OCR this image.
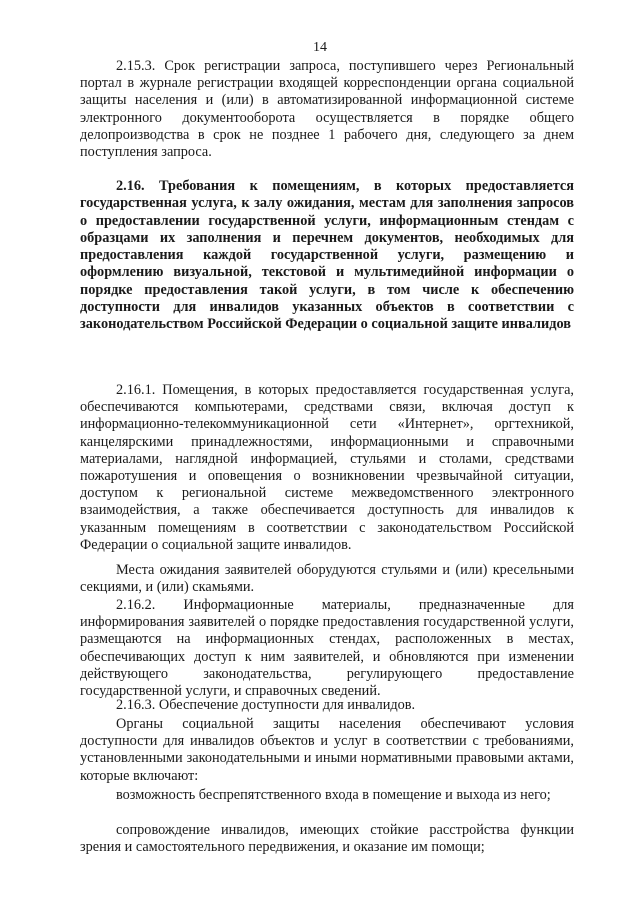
14

2.15.3. Срок регистрации запроса, поступившего через Региональный портал в журнале регистрации входящей корреспонденции органа социальной защиты населения и (или) в автоматизированной информационной системе электронного документооборота осуществляется в порядке общего делопроизводства в срок не позднее 1 рабочего дня, следующего за днем поступления запроса.

2.16. Требования к помещениям, в которых предоставляется государственная услуга, к залу ожидания, местам для заполнения запросов о предоставлении государственной услуги, информационным стендам с образцами их заполнения и перечнем документов, необходимых для предоставления каждой государственной услуги, размещению и оформлению визуальной, текстовой и мультимедийной информации о порядке предоставления такой услуги, в том числе к обеспечению доступности для инвалидов указанных объектов в соответствии с законодательством Российской Федерации о социальной защите инвалидов

2.16.1. Помещения, в которых предоставляется государственная услуга, обеспечиваются компьютерами, средствами связи, включая доступ к информационно-телекоммуникационной сети «Интернет», оргтехникой, канцелярскими принадлежностями, информационными и справочными материалами, наглядной информацией, стульями и столами, средствами пожаротушения и оповещения о возникновении чрезвычайной ситуации, доступом к региональной системе межведомственного электронного взаимодействия, а также обеспечивается доступность для инвалидов к указанным помещениям в соответствии с законодательством Российской Федерации о социальной защите инвалидов.

Места ожидания заявителей оборудуются стульями и (или) кресельными секциями, и (или) скамьями.

2.16.2. Информационные материалы, предназначенные для информирования заявителей о порядке предоставления государственной услуги, размещаются на информационных стендах, расположенных в местах, обеспечивающих доступ к ним заявителей, и обновляются при изменении действующего законодательства, регулирующего предоставление государственной услуги, и справочных сведений.

2.16.3. Обеспечение доступности для инвалидов.

Органы социальной защиты населения обеспечивают условия доступности для инвалидов объектов и услуг в соответствии с требованиями, установленными законодательными и иными нормативными правовыми актами, которые включают:

возможность беспрепятственного входа в помещение и выхода из него;

сопровождение инвалидов, имеющих стойкие расстройства функции зрения и самостоятельного передвижения, и оказание им помощи;
